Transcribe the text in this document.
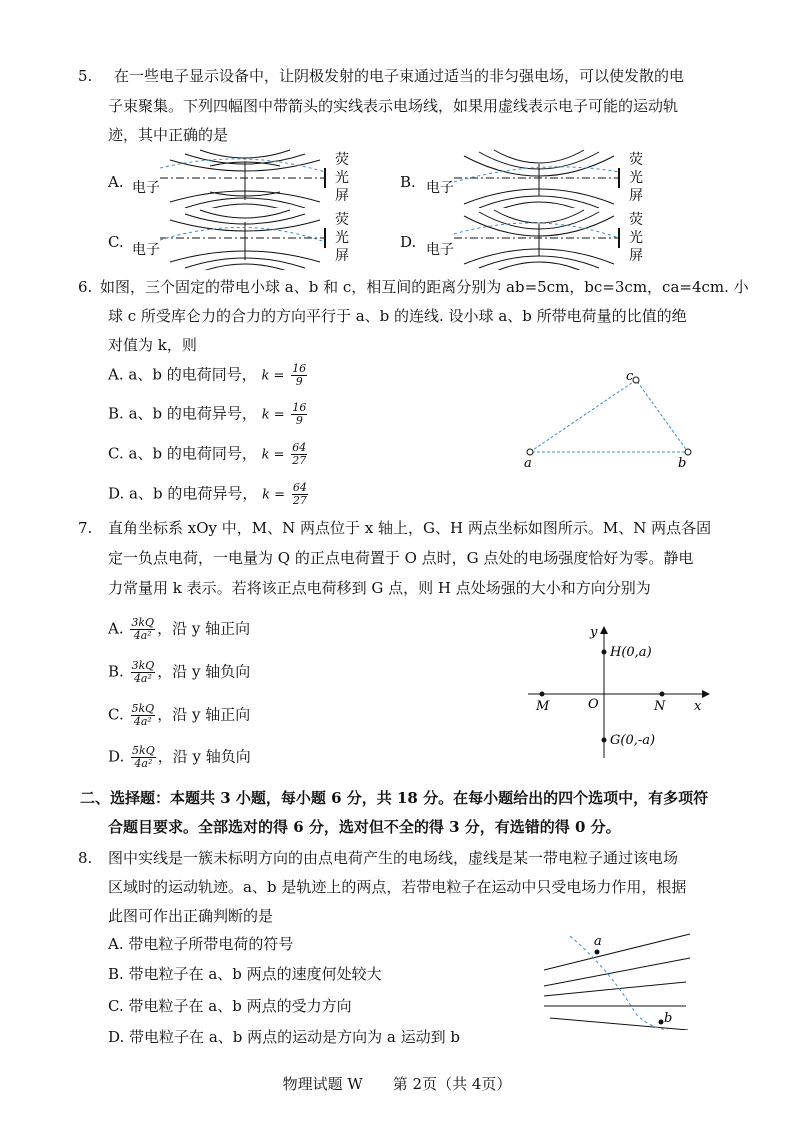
5. 在一些电子显示设备中，让阴极发射的电子束通过适当的非匀强电场，可以使发散的电
子束聚集。下列四幅图中带箭头的实线表示电场线，如果用虚线表示电子可能的运动轨
迹，其中正确的是
A.	B.
C.	D.
电子
荧
光
屏	电子
荧
光
屏
电子
荧
光
屏	电子
荧
光
屏
6. 如图，三个固定的带电小球 a、b 和 c，相互间的距离分别为 ab=5cm，bc=3cm，ca=4cm. 小
球 c 所受库仑力的合力的方向平行于 a、b 的连线. 设小球 a、b 所带电荷量的比值的绝
对值为 k，则
A. a、b 的电荷同号， $k = \frac{16}{9}$
B. a、b 的电荷异号， $k = \frac{16}{9}$
C. a、b 的电荷同号， $k = \frac{64}{27}$
D. a、b 的电荷异号， $k = \frac{64}{27}$
a
c
b
7. 直角坐标系 xOy 中，M、N 两点位于 x 轴上，G、H 两点坐标如图所示。M、N 两点各固
定一负点电荷，一电量为 Q 的正点电荷置于 O 点时，G 点处的电场强度恰好为零。静电
力常量用 k 表示。若将该正点电荷移到 G 点，则 H 点处场强的大小和方向分别为
A. $\frac{3kQ}{\text{4a²}}$ ，沿 y 轴正向
B. $\frac{3kQ}{\text{4a²}}$ ，沿 y 轴负向
C. $\frac{5kQ}{\text{4a²}}$ ，沿 y 轴正向
D. $\frac{5kQ}{\text{4a²}}$ ，沿 y 轴负向
y
x
H(0,a)
G(0,-a)
M	O	N
二、选择题：本题共 3 小题，每小题 6 分，共 18 分。在每小题给出的四个选项中，有多项符
合题目要求。全部选对的得 6 分，选对但不全的得 3 分，有选错的得 0 分。
8. 图中实线是一簇未标明方向的由点电荷产生的电场线，虚线是某一带电粒子通过该电场
区域时的运动轨迹。a、b 是轨迹上的两点，若带电粒子在运动中只受电场力作用，根据
此图可作出正确判断的是
A. 带电粒子所带电荷的符号
B. 带电粒子在 a、b 两点的速度何处较大
C. 带电粒子在 a、b 两点的受力方向
D. 带电粒子在 a、b 两点的运动是方向为 a 运动到 b
a
b
物理试题 W　　第 2页（共 4页）
